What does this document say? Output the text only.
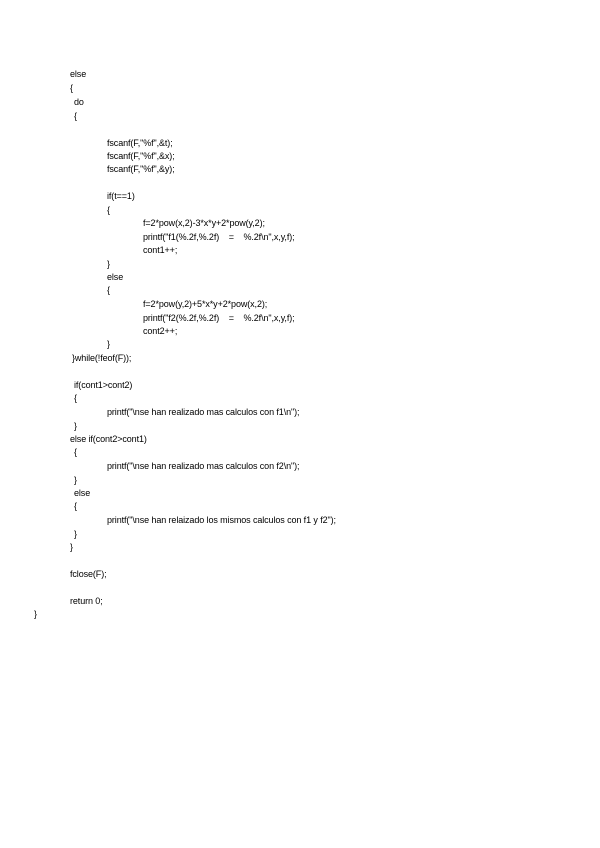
else
{
do
{
fscanf(F,"%f",&t);
fscanf(F,"%f",&x);
fscanf(F,"%f",&y);
if(t==1)
{
f=2*pow(x,2)-3*x*y+2*pow(y,2);
printf("f1(%.2f,%.2f)    =    %.2f\n",x,y,f);
cont1++;
}
else
{
f=2*pow(y,2)+5*x*y+2*pow(x,2);
printf("f2(%.2f,%.2f)    =    %.2f\n",x,y,f);
cont2++;
}
}while(!feof(F));
if(cont1>cont2)
{
printf("\nse han realizado mas calculos con f1\n");
}
else if(cont2>cont1)
{
printf("\nse han realizado mas calculos con f2\n");
}
else
{
printf("\nse han relaizado los mismos calculos con f1 y f2");
}
}
fclose(F);
return 0;
}
